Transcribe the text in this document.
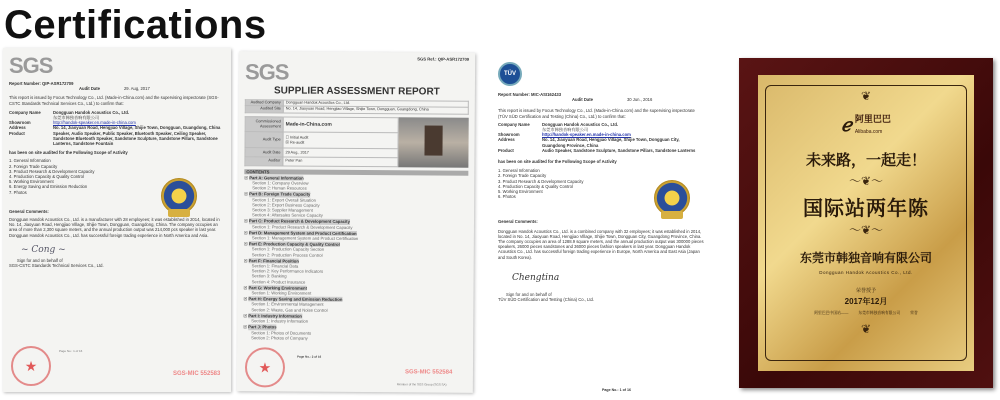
Certifications
SGS
Report Number: QIP-ASR172709
Audit Date	29. Aug, 2017
This report is issued by Focus Technology Co., Ltd. (Made-in-China.com) and the supervising inspectorate (SGS-CSTC Standards Technical Services Co., Ltd.) to confirm that:
Company Name	Dongguan Handok Acoustics Co., Ltd.
东莞市韩独音响有限公司
Showroom	http://handok-speaker.en.made-in-china.com
Address	No. 14, Jiaoyuan Road, Hengjiao Village, Shijie Town, Dongguan, Guangdong, China
Product	Speaker, Audio Speaker, Public Speaker, Bluetooth Speaker, Ceiling Speaker, Sandstone Bluetooth Speaker, Sandstone Sculpture, Sandstone Pillars, Sandstone Lanterns, Sandstone Fountain
has been on site audited for the Following Scope of Activity
1. General Information
2. Foreign Trade Capacity
3. Product Research & Development Capacity
4. Production Capacity & Quality Control
5. Working Environment
6. Energy Saving and Emission Reduction
7. Photos
General Comments:
Dongguan Handok Acoustics Co., Ltd. is a manufacturer with 28 employees; it was established in 2014, located in No. 14, Jiaoyuan Road, Hengjiao Village, Shijie Town, Dongguan, Guangdong, China. The company occupies an area of more than 2,300 square meters, and the annual production output was 214,000 pcs speaker in last year. Dongguan Handok Acoustics Co., Ltd. has successful foreign trading experience in North America and Asia.
~ Cong ~
Sign for and on behalf of
SGS-CSTC Standards Technical Services Co., Ltd.
★
Page No.: 1 of 16
SGS-MIC 552583
SGS Ref.: QIP-ASR172709
SGS
SUPPLIER ASSESSMENT REPORT
Audited Company	Dongguan Handok Acoustics Co., Ltd.
Audited Site	No. 14, Jiaoyuan Road, Hengjiao Village, Shijie Town, Dongguan, Guangdong, China
Commissioned Assessment	Made-in-China.com
Audit Type	☐ Initial Audit
☒ Re-audit
Audit Date	29 Aug., 2017
Auditor	Peter Pan
CONTENTS
☒ Part A: General Information
Section 1: Company Overview
Section 2: Human Resources
☒ Part B: Foreign Trade Capacity
Section 1: Export Overall Situation
Section 2: Export Business Capacity
Section 3: Supplier Management
Section 4: Aftersales Service Capacity
☒ Part C: Product Research & Development Capacity
Section 1: Product Research & Development Capacity
☒ Part D: Management System and Product Certification
Section 1: Management System and Product Certification
☒ Part E: Production Capacity & Quality Control
Section 1: Production Capacity Section
Section 2: Production Process Control
☒ Part F: Financial Position
Section 1: Financial Data
Section 2: Key Performance Indicators
Section 3: Banking
Section 4: Product Insurance
☒ Part G: Working Environment
Section 1: Working Environment
☒ Part H: Energy Saving and Emission Reduction
Section 1: Environmental Management
Section 2: Waste, Gas and Noise Control
☒ Part I: Industry Information
Section 1: Industry Information
☒ Part J: Photos
Section 1: Photos of Documents
Section 2: Photos of Company
★
Page No.: 2 of 16
SGS-MIC 552584
Member of the SGS Group (SGS SA)
TÜV
Report Number: MIC-ASI162433
Audit Date	30 Jun., 2016
This report is issued by Focus Technology Co., Ltd. (Made-in-China.com) and the supervising inspectorate (TÜV SÜD Certification and Testing (China) Co., Ltd.) to confirm that:
Company Name	Dongguan Handok Acoustics Co., Ltd.
东莞市韩独音响有限公司
Showroom	http://handok-speaker.en.made-in-china.com
Address	No. 14, Jiaoyuan Road, Hengjiao Village, Shijie Town, Dongguan City, Guangdong Province, China
Product	Audio Speaker, Sandstone Sculpture, Sandstone Pillars, Sandstone Lanterns
has been on site audited for the Following Scope of Activity
1. General Information
2. Foreign Trade Capacity
3. Product Research & Development Capacity
4. Production Capacity & Quality Control
5. Working Environment
6. Photos
General Comments:
Dongguan Handok Acoustics Co., Ltd. is a combined company with 32 employees; it was established in 2014, located in No. 14, Jiaoyuan Road, Hengjiao Village, Shijie Town, Dongguan City, Guangdong Province, China. The company occupies an area of 1288.9 square meters, and the annual production output was 300000 pieces speakers, 26000 pieces sandstones and 36000 pieces fashion speakers in last year. Dongguan Handok Acoustics Co., Ltd. has successful foreign trading experience in Europe, North America and East Asia (Japan and South Korea).
Chengtina
Sign for and on behalf of
TÜV SÜD Certification and Testing (China) Co., Ltd.
Page No.: 1 of 16
❦
ℯ 阿里巴巴
Alibaba.com
未来路，一起走！
～❦～
国际站两年陈
～❦～
东莞市韩独音响有限公司
Dongguan Handok Acoustics Co., Ltd.
荣誉授予
2017年12月
阿里巴巴中国站——	东莞市韩独音响有限公司	荣誉
❦
